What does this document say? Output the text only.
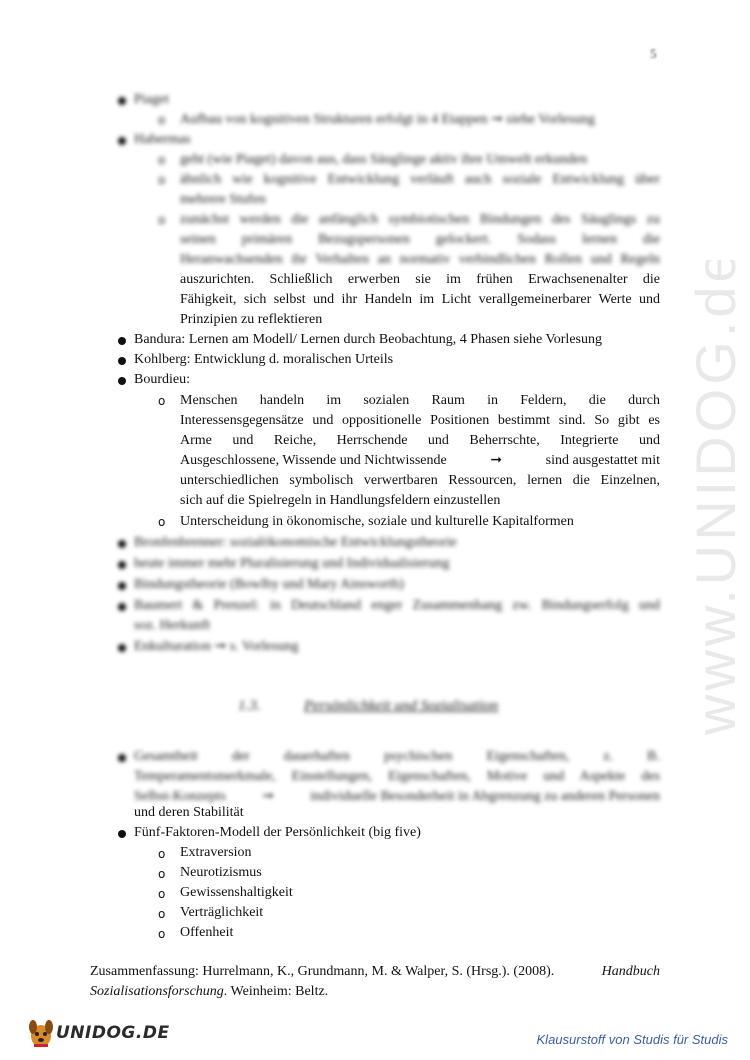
www.UNIDOG.de
5
Piaget
o Aufbau von kognitiven Strukturen erfolgt in 4 Etappen ➞ siehe Vorlesung
Habermas
o geht (wie Piaget) davon aus, dass Säuglinge aktiv ihre Umwelt erkunden
o ähnlich wie kognitive Entwicklung verläuft auch soziale Entwicklung über
mehrere Stufen
o zunächst werden die anfänglich symbiotischen Bindungen des Säuglings zu
seinen primären Bezugspersonen gelockert. Sodass lernen die
Heranwachsenden ihr Verhalten an normativ verbindlichen Rollen und Regeln
auszurichten. Schließlich erwerben sie im frühen Erwachsenenalter die
Fähigkeit, sich selbst und ihr Handeln im Licht verallgemeinerbarer Werte und
Prinzipien zu reflektieren
Bandura: Lernen am Modell/ Lernen durch Beobachtung, 4 Phasen siehe Vorlesung
Kohlberg: Entwicklung d. moralischen Urteils
Bourdieu:
o Menschen handeln im sozialen Raum in Feldern, die durch
Interessensgegensätze und oppositionelle Positionen bestimmt sind. So gibt es
Arme und Reiche, Herrschende und Beherrschte, Integrierte und
Ausgeschlossene, Wissende und Nichtwissende	➞	sind ausgestattet mit
unterschiedlichen symbolisch verwertbaren Ressourcen, lernen die Einzelnen,
sich auf die Spielregeln in Handlungsfeldern einzustellen
o Unterscheidung in ökonomische, soziale und kulturelle Kapitalformen
Bronfenbrenner: sozialökonomische Entwicklungstheorie
heute immer mehr Pluralisierung und Individualisierung
Bindungstheorie (Bowlby und Mary Ainsworth)
Baumert & Prenzel: in Deutschland enger Zusammenhang zw. Bindungserfolg und
soz. Herkunft
Enkulturation ➞ s. Vorlesung
1.3.	Persönlichkeit und Sozialisation
Gesamtheit der dauerhaften psychischen Eigenschaften, z. B.
Temperamentsmerkmale, Einstellungen, Eigenschaften, Motive und Aspekte des
Selbst-Konzepts	➞	individuelle Besonderheit in Abgrenzung zu anderen Personen
und deren Stabilität
Fünf-Faktoren-Modell der Persönlichkeit (big five)
o Extraversion
o Neurotizismus
o Gewissenshaltigkeit
o Verträglichkeit
o Offenheit
Zusammenfassung: Hurrelmann, K., Grundmann, M. & Walper, S. (Hrsg.). (2008).	Handbuch
Sozialisationsforschung. Weinheim: Beltz.
UNIDOG.DE	Klausurstoff von Studis für Studis
